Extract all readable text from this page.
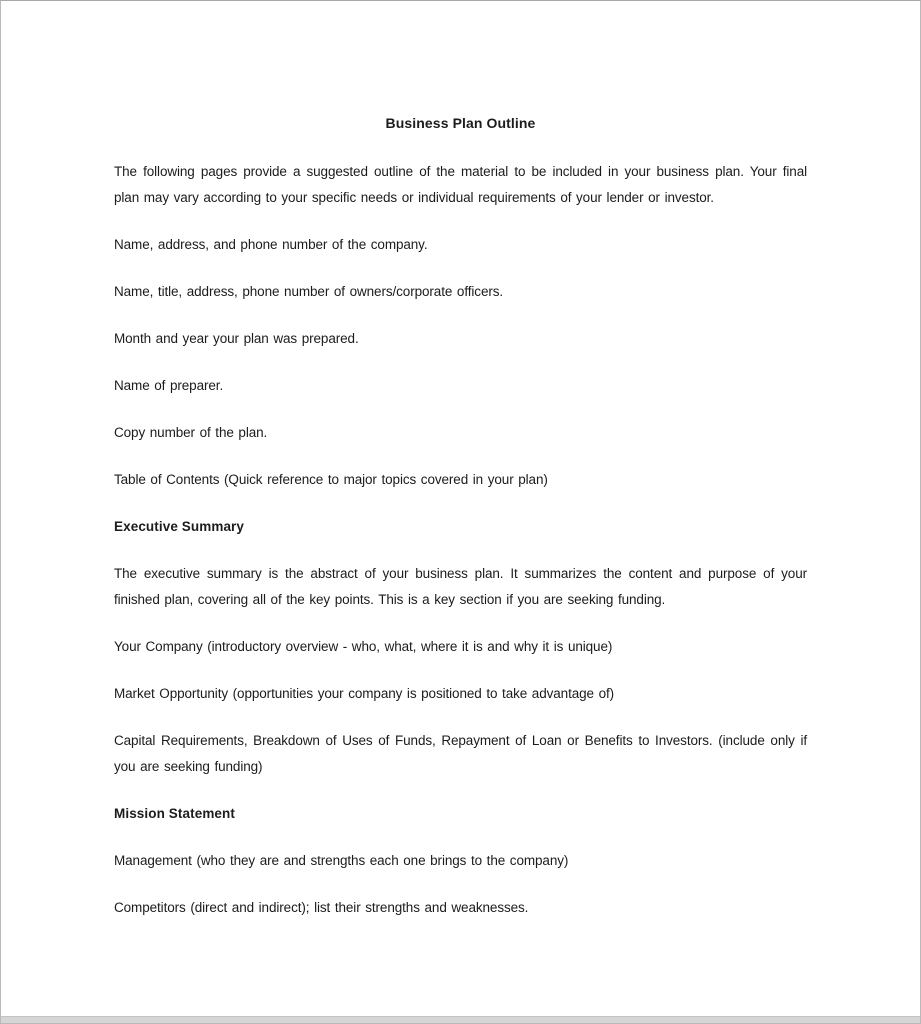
Business Plan Outline

The following pages provide a suggested outline of the material to be included in your business plan. Your final plan may vary according to your specific needs or individual requirements of your lender or investor.

Name, address, and phone number of the company.

Name, title, address, phone number of owners/corporate officers.

Month and year your plan was prepared.

Name of preparer.

Copy number of the plan.

Table of Contents (Quick reference to major topics covered in your plan)

Executive Summary

The executive summary is the abstract of your business plan. It summarizes the content and purpose of your finished plan, covering all of the key points. This is a key section if you are seeking funding.

Your Company (introductory overview - who, what, where it is and why it is unique)

Market Opportunity (opportunities your company is positioned to take advantage of)

Capital Requirements, Breakdown of Uses of Funds, Repayment of Loan or Benefits to Investors. (include only if you are seeking funding)

Mission Statement

Management (who they are and strengths each one brings to the company)

Competitors (direct and indirect); list their strengths and weaknesses.
